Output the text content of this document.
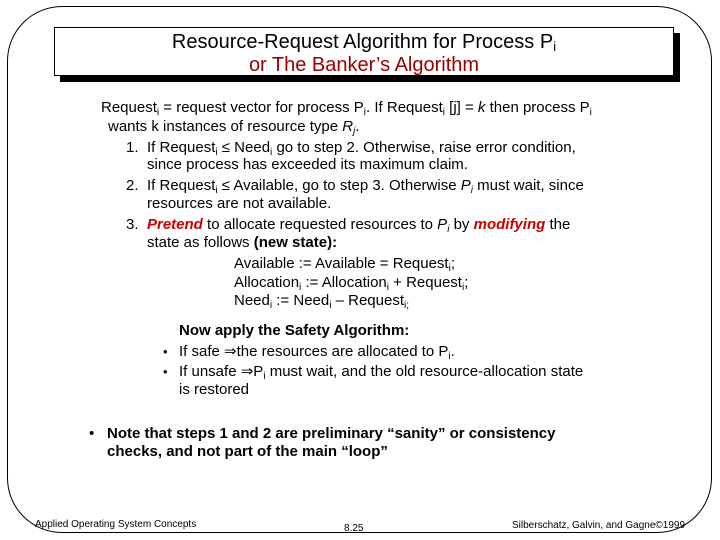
Resource-Request Algorithm for Process $P_i$
or The Banker’s Algorithm
Request$_i$ = request vector for process $P_i$. If Request$_i$ [j] = k then process $P_i$
wants k instances of resource type $R_j$.
1. If Request$_i$ ≤ Need$_i$ go to step 2. Otherwise, raise error condition,
since process has exceeded its maximum claim.
2. If Request$_i$ ≤ Available, go to step 3. Otherwise $P_i$ must wait, since
resources are not available.
3. Pretend to allocate requested resources to $P_i$ by modifying the
state as follows (new state):
Available := Available = Request$_i$;
Allocation$_i$ := Allocation$_i$ + Request$_i$;
Need$_i$ := Need$_i$ – Request$_{i;}$
Now apply the Safety Algorithm:
• If safe ⇒the resources are allocated to $P_i$.
• If unsafe $\Rightarrow P_i$ must wait, and the old resource-allocation state
is restored
• Note that steps 1 and 2 are preliminary “sanity” or consistency
checks, and not part of the main “loop”
Applied Operating System Concepts	8.25	Silberschatz, Galvin, and Gagne©1999
